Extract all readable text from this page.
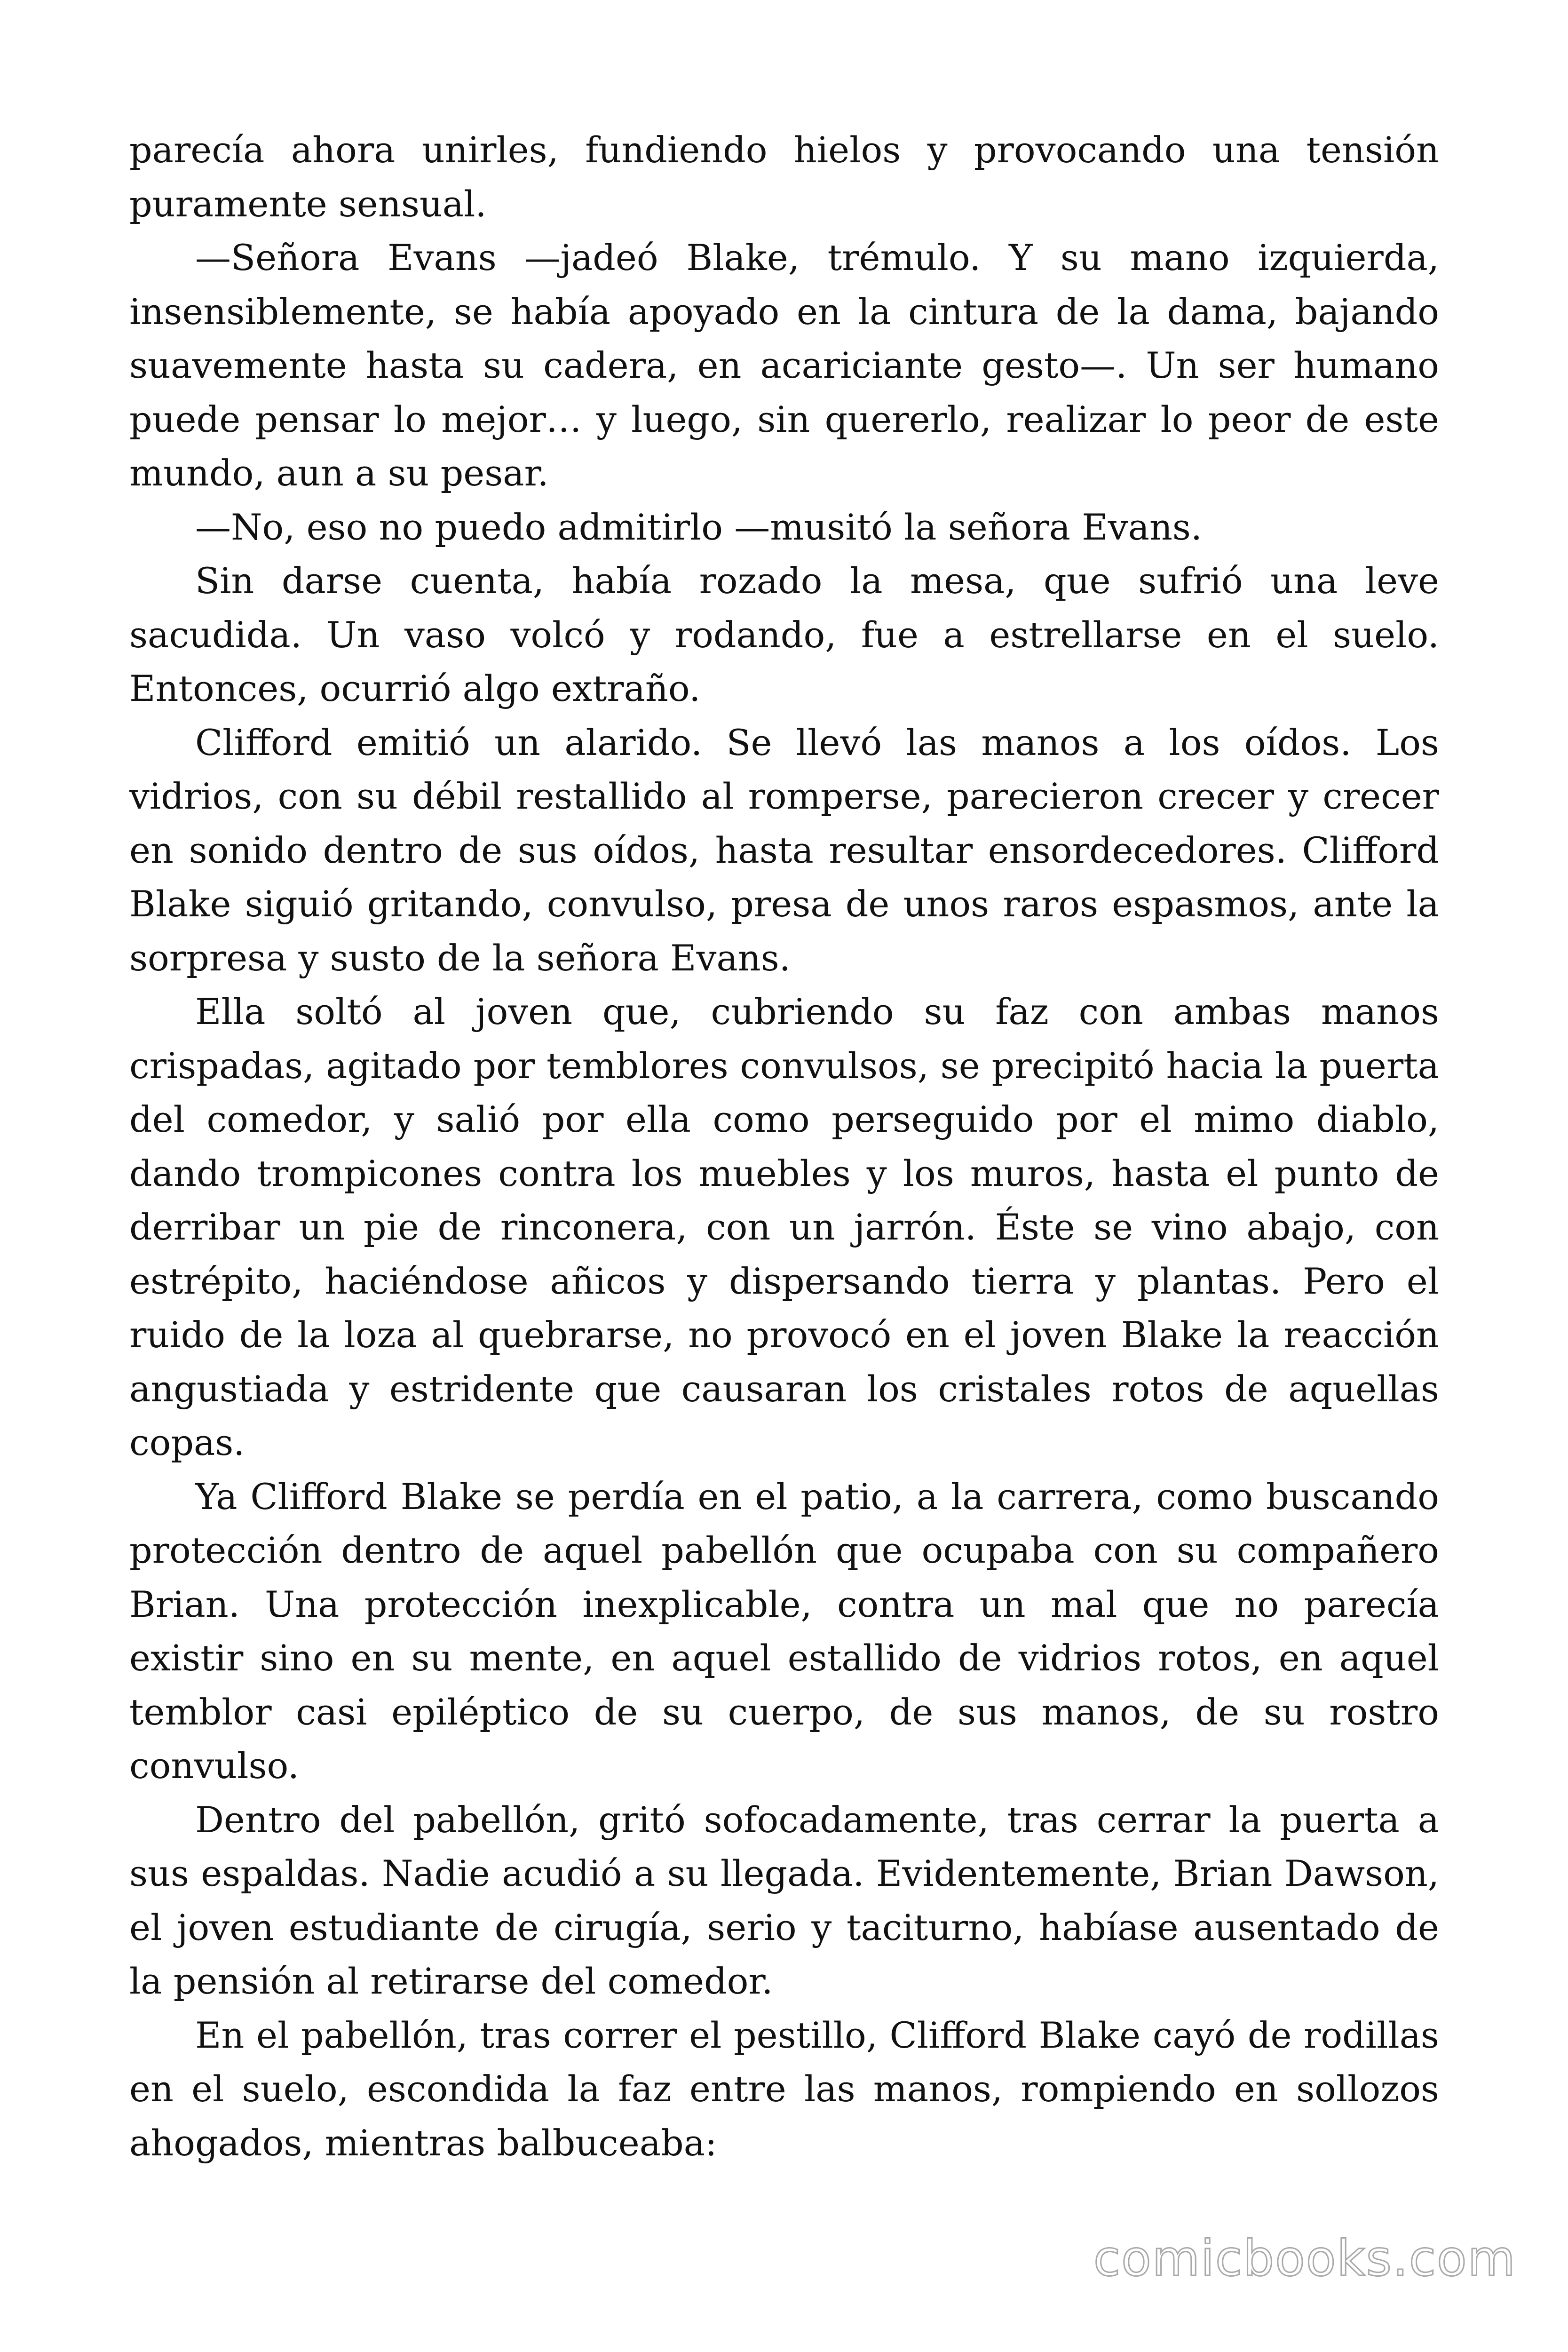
parecía ahora unirles, fundiendo hielos y provocando una tensión puramente sensual.

—Señora Evans —jadeó Blake, trémulo. Y su mano izquierda, insensiblemente, se había apoyado en la cintura de la dama, bajando suavemente hasta su cadera, en acariciante gesto—. Un ser humano puede pensar lo mejor… y luego, sin quererlo, realizar lo peor de este mundo, aun a su pesar.

—No, eso no puedo admitirlo —musitó la señora Evans.

Sin darse cuenta, había rozado la mesa, que sufrió una leve sacudida. Un vaso volcó y rodando, fue a estrellarse en el suelo. Entonces, ocurrió algo extraño.

Clifford emitió un alarido. Se llevó las manos a los oídos. Los vidrios, con su débil restallido al romperse, parecieron crecer y crecer en sonido dentro de sus oídos, hasta resultar ensordecedores. Clifford Blake siguió gritando, convulso, presa de unos raros espasmos, ante la sorpresa y susto de la señora Evans.

Ella soltó al joven que, cubriendo su faz con ambas manos crispadas, agitado por temblores convulsos, se precipitó hacia la puerta del comedor, y salió por ella como perseguido por el mimo diablo, dando trompicones contra los muebles y los muros, hasta el punto de derribar un pie de rinconera, con un jarrón. Éste se vino abajo, con estrépito, haciéndose añicos y dispersando tierra y plantas. Pero el ruido de la loza al quebrarse, no provocó en el joven Blake la reacción angustiada y estridente que causaran los cristales rotos de aquellas copas.

Ya Clifford Blake se perdía en el patio, a la carrera, como buscando protección dentro de aquel pabellón que ocupaba con su compañero Brian. Una protección inexplicable, contra un mal que no parecía existir sino en su mente, en aquel estallido de vidrios rotos, en aquel temblor casi epiléptico de su cuerpo, de sus manos, de su rostro convulso.

Dentro del pabellón, gritó sofocadamente, tras cerrar la puerta a sus espaldas. Nadie acudió a su llegada. Evidentemente, Brian Dawson, el joven estudiante de cirugía, serio y taciturno, habíase ausentado de la pensión al retirarse del comedor.

En el pabellón, tras correr el pestillo, Clifford Blake cayó de rodillas en el suelo, escondida la faz entre las manos, rompiendo en sollozos ahogados, mientras balbuceaba:

comicbooks.com
